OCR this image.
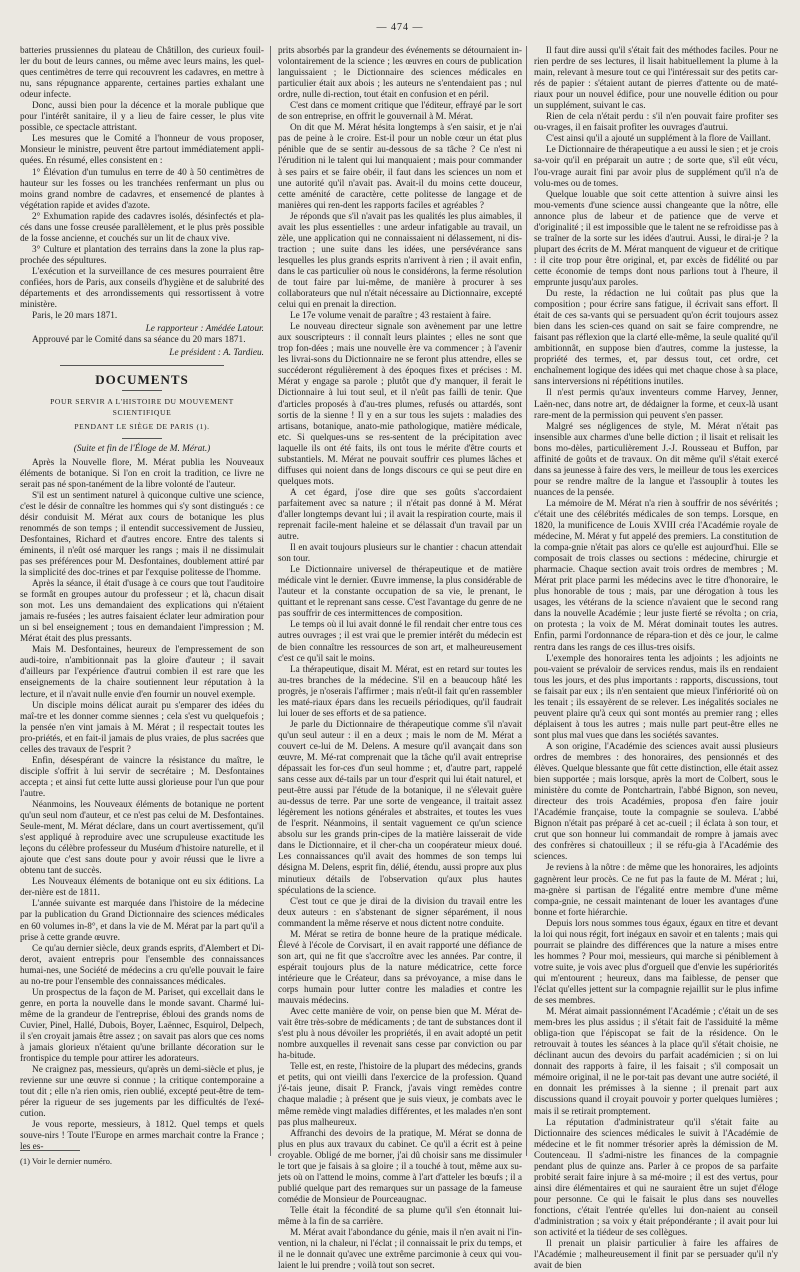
— 474 —

batteries prussiennes du plateau de Châtillon, des curieux fouil-ler du bout de leurs cannes, ou même avec leurs mains, les quel-ques centimètres de terre qui recouvrent les cadavres, en mettre à nu, sans répugnance apparente, certaines parties exhalant une odeur infecte.

Donc, aussi bien pour la décence et la morale publique que pour l'intérêt sanitaire, il y a lieu de faire cesser, le plus vite possible, ce spectacle attristant.

Les mesures que le Comité a l'honneur de vous proposer, Monsieur le ministre, peuvent être partout immédiatement appli-quées. En résumé, elles consistent en :

1° Élévation d'un tumulus en terre de 40 à 50 centimètres de hauteur sur les fosses ou les tranchées renfermant un plus ou moins grand nombre de cadavres, et ensemencé de plantes à végétation rapide et avides d'azote.

2° Exhumation rapide des cadavres isolés, désinfectés et pla-cés dans une fosse creusée parallèlement, et le plus près possible de la fosse ancienne, et couchés sur un lit de chaux vive.

3° Culture et plantation des terrains dans la zone la plus rap-prochée des sépultures.

L'exécution et la surveillance de ces mesures pourraient être confiées, hors de Paris, aux conseils d'hygiène et de salubrité des départements et des arrondissements qui ressortissent à votre ministère.

Paris, le 20 mars 1871.

Le rapporteur : Amédée Latour.

Approuvé par le Comité dans sa séance du 20 mars 1871.

Le président : A. Tardieu.

DOCUMENTS
POUR SERVIR A L'HISTOIRE DU MOUVEMENT SCIENTIFIQUE
PENDANT LE SIÈGE DE PARIS (1).

(Suite et fin de l'Éloge de M. Mérat.)

Après la Nouvelle flore, M. Mérat publia les Nouveaux éléments de botanique. Si l'on en croit la tradition, ce livre ne serait pas né spon-tanément de la libre volonté de l'auteur.

S'il est un sentiment naturel à quiconque cultive une science, c'est le désir de connaître les hommes qui s'y sont distingués : ce désir conduisit M. Mérat aux cours de botanique les plus renommés de son temps ; il entendit successivement de Jussieu, Desfontaines, Richard et d'autres encore. Entre des talents si éminents, il n'eût osé marquer les rangs ; mais il ne dissimulait pas ses préférences pour M. Desfontaines, doublement attiré par la simplicité des doc-trines et par l'exquise politesse de l'homme.

Après la séance, il était d'usage à ce cours que tout l'auditoire se formât en groupes autour du professeur ; et là, chacun disait son mot. Les uns demandaient des explications qui n'étaient jamais re-fusées ; les autres faisaient éclater leur admiration pour un si bel enseignement ; tous en demandaient l'impression ; M. Mérat était des plus pressants.

Mais M. Desfontaines, heureux de l'empressement de son audi-toire, n'ambitionnait pas la gloire d'auteur ; il savait d'ailleurs par l'expérience d'autrui combien il est rare que les enseignements de la chaire soutiennent leur réputation à la lecture, et il n'avait nulle envie d'en fournir un nouvel exemple.

Un disciple moins délicat aurait pu s'emparer des idées du maî-tre et les donner comme siennes ; cela s'est vu quelquefois ; la pensée n'en vint jamais à M. Mérat ; il respectait toutes les pro-priétés, et en fait-il jamais de plus vraies, de plus sacrées que celles des travaux de l'esprit ?

Enfin, désespérant de vaincre la résistance du maître, le disciple s'offrit à lui servir de secrétaire ; M. Desfontaines accepta ; et ainsi fut cette lutte aussi glorieuse pour l'un que pour l'autre.

Néanmoins, les Nouveaux éléments de botanique ne portent qu'un seul nom d'auteur, et ce n'est pas celui de M. Desfontaines. Seule-ment, M. Mérat déclare, dans un court avertissement, qu'il s'est appliqué à reproduire avec une scrupuleuse exactitude les leçons du célèbre professeur du Muséum d'histoire naturelle, et il ajoute que c'est sans doute pour y avoir réussi que le livre a obtenu tant de succès.

Les Nouveaux éléments de botanique ont eu six éditions. La der-nière est de 1811.

L'année suivante est marquée dans l'histoire de la médecine par la publication du Grand Dictionnaire des sciences médicales en 60 volumes in-8°, et dans la vie de M. Mérat par la part qu'il a prise à cette grande œuvre.

Ce qu'au dernier siècle, deux grands esprits, d'Alembert et Di-derot, avaient entrepris pour l'ensemble des connaissances humai-nes, une Société de médecins a cru qu'elle pouvait le faire au no-tre pour l'ensemble des connaissances médicales.

Un prospectus de la façon de M. Pariset, qui excellait dans le genre, en porta la nouvelle dans le monde savant. Charmé lui-même de la grandeur de l'entreprise, ébloui des grands noms de Cuvier, Pinel, Hallé, Dubois, Boyer, Laënnec, Esquirol, Delpech, il s'en croyait jamais être assez ; on savait pas alors que ces noms à jamais glorieux n'étaient qu'une brillante décoration sur le frontispice du temple pour attirer les adorateurs.

Ne craignez pas, messieurs, qu'après un demi-siècle et plus, je revienne sur une œuvre si connue ; la critique contemporaine a tout dit ; elle n'a rien omis, rien oublié, excepté peut-être de tem-pérer la rigueur de ses jugements par les difficultés de l'exé-cution.

Je vous reporte, messieurs, à 1812. Quel temps et quels souve-nirs ! Toute l'Europe en armes marchait contre la France ; les es-

prits absorbés par la grandeur des événements se détournaient in-volontairement de la science ; les œuvres en cours de publication languissaient ; le Dictionnaire des sciences médicales en particulier était aux abois ; les auteurs ne s'entendaient pas ; nul ordre, nulle di-rection, tout était en confusion et en péril.

C'est dans ce moment critique que l'éditeur, effrayé par le sort de son entreprise, en offrit le gouvernail à M. Mérat.

On dit que M. Mérat hésita longtemps à s'en saisir, et je n'ai pas de peine à le croire. Est-il pour un noble cœur un état plus pénible que de se sentir au-dessous de sa tâche ? Ce n'est ni l'érudition ni le talent qui lui manquaient ; mais pour commander à ses pairs et se faire obéir, il faut dans les sciences un nom et une autorité qu'il n'avait pas. Avait-il du moins cette douceur, cette aménité de caractère, cette politesse de langage et de manières qui ren-dent les rapports faciles et agréables ?

Je réponds que s'il n'avait pas les qualités les plus aimables, il avait les plus essentielles : une ardeur infatigable au travail, un zèle, une application qui ne connaissaient ni délassement, ni dis-traction ; une suite dans les idées, une persévérance sans lesquelles les plus grands esprits n'arrivent à rien ; il avait enfin, dans le cas particulier où nous le considérons, la ferme résolution de tout faire par lui-même, de manière à procurer à ses collaborateurs que nul n'était nécessaire au Dictionnaire, excepté celui qui en prenait la direction.

Le 17e volume venait de paraître ; 43 restaient à faire.

Le nouveau directeur signale son avènement par une lettre aux souscripteurs : il connaît leurs plaintes ; elles ne sont que trop fon-dées ; mais une nouvelle ère va commencer ; à l'avenir les livrai-sons du Dictionnaire ne se feront plus attendre, elles se succéderont régulièrement à des époques fixes et précises : M. Mérat y engage sa parole ; plutôt que d'y manquer, il ferait le Dictionnaire à lui tout seul, et il n'eût pas failli de tenir. Que d'articles proposés à d'au-tres plumes, refusés ou attardés, sont sortis de la sienne ! Il y en a sur tous les sujets : maladies des artisans, botanique, anato-mie pathologique, matière médicale, etc. Si quelques-uns se res-sentent de la précipitation avec laquelle ils ont été faits, ils ont tous le mérite d'être courts et substantiels. M. Mérat ne pouvait souffrir ces plumes lâches et diffuses qui noient dans de longs discours ce qui se peut dire en quelques mots.

A cet égard, j'ose dire que ses goûts s'accordaient parfaitement avec sa nature ; il n'était pas donné à M. Mérat d'aller longtemps devant lui ; il avait la respiration courte, mais il reprenait facile-ment haleine et se délassait d'un travail par un autre.

Il en avait toujours plusieurs sur le chantier : chacun attendait son tour.

Le Dictionnaire universel de thérapeutique et de matière médicale vint le dernier. Œuvre immense, la plus considérable de l'auteur et la constante occupation de sa vie, le prenant, le quittant et le reprenant sans cesse. C'est l'avantage du genre de ne pas souffrir de ces intermittences de composition.

Le temps où il lui avait donné le fil rendait cher entre tous ces autres ouvrages ; il est vrai que le premier intérêt du médecin est de bien connaître les ressources de son art, et malheureusement c'est ce qu'il sait le moins.

La thérapeutique, disait M. Mérat, est en retard sur toutes les au-tres branches de la médecine. S'il en a beaucoup hâté les progrès, je n'oserais l'affirmer ; mais n'eût-il fait qu'en rassembler les maté-riaux épars dans les recueils périodiques, qu'il faudrait lui louer de ses efforts et de sa patience.

Je parle du Dictionnaire de thérapeutique comme s'il n'avait qu'un seul auteur : il en a deux ; mais le nom de M. Mérat a couvert ce-lui de M. Delens. A mesure qu'il avançait dans son œuvre, M. Mé-rat comprenait que la tâche qu'il avait entreprise dépassait les for-ces d'un seul homme ; et, d'autre part, rappelé sans cesse aux dé-tails par un tour d'esprit qui lui était naturel, et peut-être aussi par l'étude de la botanique, il ne s'élevait guère au-dessus de terre. Par une sorte de vengeance, il traitait assez légèrement les notions générales et abstraites, et toutes les vues de l'esprit. Néanmoins, il sentait vaguement ce qu'un science absolu sur les grands prin-cipes de la matière laisserait de vide dans le Dictionnaire, et il cher-cha un coopérateur mieux doué. Les connaissances qu'il avait des hommes de son temps lui désigna M. Delens, esprit fin, délié, étendu, aussi propre aux plus minutieux détails de l'observation qu'aux plus hautes spéculations de la science.

C'est tout ce que je dirai de la division du travail entre les deux auteurs : en s'abstenant de signer séparément, il nous commandent la même réserve et nous dictent notre conduite.

M. Mérat se retira de bonne heure de la pratique médicale. Élevé à l'école de Corvisart, il en avait rapporté une défiance de son art, qui ne fit que s'accroître avec les années. Par contre, il espérait toujours plus de la nature médicatrice, cette force intérieure que le Créateur, dans sa prévoyance, a mise dans le corps humain pour lutter contre les maladies et contre les mauvais médecins.

Avec cette manière de voir, on pense bien que M. Mérat de-vait être très-sobre de médicaments ; de tant de substances dont il s'est plu à nous dévoiler les propriétés, il en avait adopté un petit nombre auxquelles il revenait sans cesse par conviction ou par ha-bitude.

Telle est, en reste, l'histoire de la plupart des médecins, grands et petits, qui ont vieilli dans l'exercice de la profession. Quand j'é-tais jeune, disait P. Franck, j'avais vingt remèdes contre chaque maladie ; à présent que je suis vieux, je combats avec le même remède vingt maladies différentes, et les malades n'en sont pas plus malheureux.

Affranchi des devoirs de la pratique, M. Mérat se donna de plus en plus aux travaux du cabinet. Ce qu'il a écrit est à peine croyable. Obligé de me borner, j'ai dû choisir sans me dissimuler le tort que je faisais à sa gloire ; il a touché à tout, même aux su-jets où on l'attend le moins, comme à l'art d'atteler les bœufs ; il a publié quelque part des remarques sur un passage de la fameuse comédie de Monsieur de Pourceaugnac.

Telle était la fécondité de sa plume qu'il s'en étonnait lui-même à la fin de sa carrière.

M. Mérat avait l'abondance du génie, mais il n'en avait ni l'in-vention, ni la chaleur, ni l'éclat ; il connaissait le prix du temps, et il ne le donnait qu'avec une extrême parcimonie à ceux qui vou-laient le lui prendre ; voilà tout son secret.

Il faut dire aussi qu'il s'était fait des méthodes faciles. Pour ne rien perdre de ses lectures, il lisait habituellement la plume à la main, relevant à mesure tout ce qui l'intéressait sur des petits car-rés de papier : s'étaient autant de pierres d'attente ou de maté-riaux pour un nouvel édifice, pour une nouvelle édition ou pour un supplément, suivant le cas.

Rien de cela n'était perdu : s'il n'en pouvait faire profiter ses ou-vrages, il en faisait profiter les ouvrages d'autrui.

C'est ainsi qu'il a ajouté un supplément à la flore de Vaillant.

Le Dictionnaire de thérapeutique a eu aussi le sien ; et je crois sa-voir qu'il en préparait un autre ; de sorte que, s'il eût vécu, l'ou-vrage aurait fini par avoir plus de supplément qu'il n'a de volu-mes ou de tomes.

Quelque louable que soit cette attention à suivre ainsi les mou-vements d'une science aussi changeante que la nôtre, elle annonce plus de labeur et de patience que de verve et d'originalité ; il est impossible que le talent ne se refroidisse pas à se traîner de la sorte sur les idées d'autrui. Aussi, le dirai-je ? la plupart des écrits de M. Mérat manquent de vigueur et de critique : il cite trop pour être original, et, par excès de fidélité ou par cette économie de temps dont nous parlions tout à l'heure, il emprunte jusqu'aux paroles.

Du reste, la rédaction ne lui coûtait pas plus que la composition ; pour écrire sans fatigue, il écrivait sans effort. Il était de ces sa-vants qui se persuadent qu'on écrit toujours assez bien dans les scien-ces quand on sait se faire comprendre, ne faisant pas réflexion que la clarté elle-même, la seule qualité qu'il ambitionnât, en suppose bien d'autres, comme la justesse, la propriété des termes, et, par dessus tout, cet ordre, cet enchaînement logique des idées qui met chaque chose à sa place, sans interversions ni répétitions inutiles.

Il n'est permis qu'aux inventeurs comme Harvey, Jenner, Laën-nec, dans notre art, de dédaigner la forme, et ceux-là usant rare-ment de la permission qui peuvent s'en passer.

Malgré ses négligences de style, M. Mérat n'était pas insensible aux charmes d'une belle diction ; il lisait et relisait les bons mo-dèles, particulièrement J.-J. Rousseau et Buffon, par affinité de goûts et de travaux. On dit même qu'il s'était exercé dans sa jeunesse à faire des vers, le meilleur de tous les exercices pour se rendre maître de la langue et l'assouplir à toutes les nuances de la pensée.

La mémoire de M. Mérat n'a rien à souffrir de nos sévérités ; c'était une des célébrités médicales de son temps. Lorsque, en 1820, la munificence de Louis XVIII créa l'Académie royale de médecine, M. Mérat y fut appelé des premiers. La constitution de la compa-gnie n'était pas alors ce qu'elle est aujourd'hui. Elle se composait de trois classes ou sections : médecine, chirurgie et pharmacie. Chaque section avait trois ordres de membres ; M. Mérat prit place parmi les médecins avec le titre d'honoraire, le plus honorable de tous ; mais, par une dérogation à tous les usages, les vétérans de la science n'avaient que le second rang dans la nouvelle Académie ; leur juste fierté se révolta ; on cria, on protesta ; la voix de M. Mérat dominait toutes les autres. Enfin, parmi l'ordonnance de répara-tion et dès ce jour, le calme rentra dans les rangs de ces illus-tres oisifs.

L'exemple des honoraires tenta les adjoints ; les adjoints ne pou-vaient se prévaloir de services rendus, mais ils en rendaient tous les jours, et des plus importants : rapports, discussions, tout se faisait par eux ; ils n'en sentaient que mieux l'infériorité où on les tenait ; ils essayèrent de se relever. Les inégalités sociales ne peuvent plaire qu'à ceux qui sont montés au premier rang ; elles déplaisent à tous les autres ; mais nulle part peut-être elles ne sont plus mal vues que dans les sociétés savantes.

A son origine, l'Académie des sciences avait aussi plusieurs ordres de membres : des honoraires, des pensionnés et des élèves. Quelque blessante que fût cette distinction, elle était assez bien supportée ; mais lorsque, après la mort de Colbert, sous le ministère du comte de Pontchartrain, l'abbé Bignon, son neveu, directeur des trois Académies, proposa d'en faire jouir l'Académie française, toute la compagnie se souleva. L'abbé Bignon n'était pas préparé à cet ac-cueil ; il éclata à son tour, et crut que son honneur lui commandait de rompre à jamais avec des confrères si chatouilleux ; il se réfu-gia à l'Académie des sciences.

Je reviens à la nôtre : de même que les honoraires, les adjoints gagnèrent leur procès. Ce ne fut pas la faute de M. Mérat ; lui, ma-gnère si partisan de l'égalité entre membre d'une même compa-gnie, ne cessait maintenant de louer les avantages d'une bonne et forte hiérarchie.

Depuis lors nous sommes tous égaux, égaux en titre et devant la loi qui nous régit, fort inégaux en savoir et en talents ; mais qui pourrait se plaindre des différences que la nature a mises entre les hommes ? Pour moi, messieurs, qui marche si péniblement à votre suite, je vois avec plus d'orgueil que d'envie les supériorités qui m'entourent ; heureux, dans ma faiblesse, de penser que l'éclat qu'elles jettent sur la compagnie rejaillit sur le plus infime de ses membres.

M. Mérat aimait passionnément l'Académie ; c'était un de ses mem-bres les plus assidus ; il s'était fait de l'assiduité la même obliga-tion que l'épiscopat se fait de la résidence. On le retrouvait à toutes les séances à la place qu'il s'était choisie, ne déclinant aucun des devoirs du parfait académicien ; si on lui donnait des rapports à faire, il les faisait ; s'il composait un mémoire original, il ne le por-tait pas devant une autre société, il en donnait les prémisses à la sienne ; il prenait part aux discussions quand il croyait pouvoir y porter quelques lumières ; mais il se retirait promptement.

La réputation d'administrateur qu'il s'était faite au Dictionnaire des sciences médicales le suivit à l'Académie de médecine et le fit nommer trésorier après la démission de M. Coutenceau. Il s'admi-nistre les finances de la compagnie pendant plus de quinze ans. Parler à ce propos de sa parfaite probité serait faire injure à sa mé-moire ; il est des vertus, pour ainsi dire élémentaires et qui ne sauraient être un sujet d'éloge pour personne. Ce qui le faisait le plus dans ses nouvelles fonctions, c'était l'entrée qu'elles lui don-naient au conseil d'administration ; sa voix y était prépondérante ; il avait pour lui son activité et la tiédeur de ses collègues.

Il prenait un plaisir particulier à faire les affaires de l'Académie ; malheureusement il finit par se persuader qu'il n'y avait de bien

(1) Voir le dernier numéro.
